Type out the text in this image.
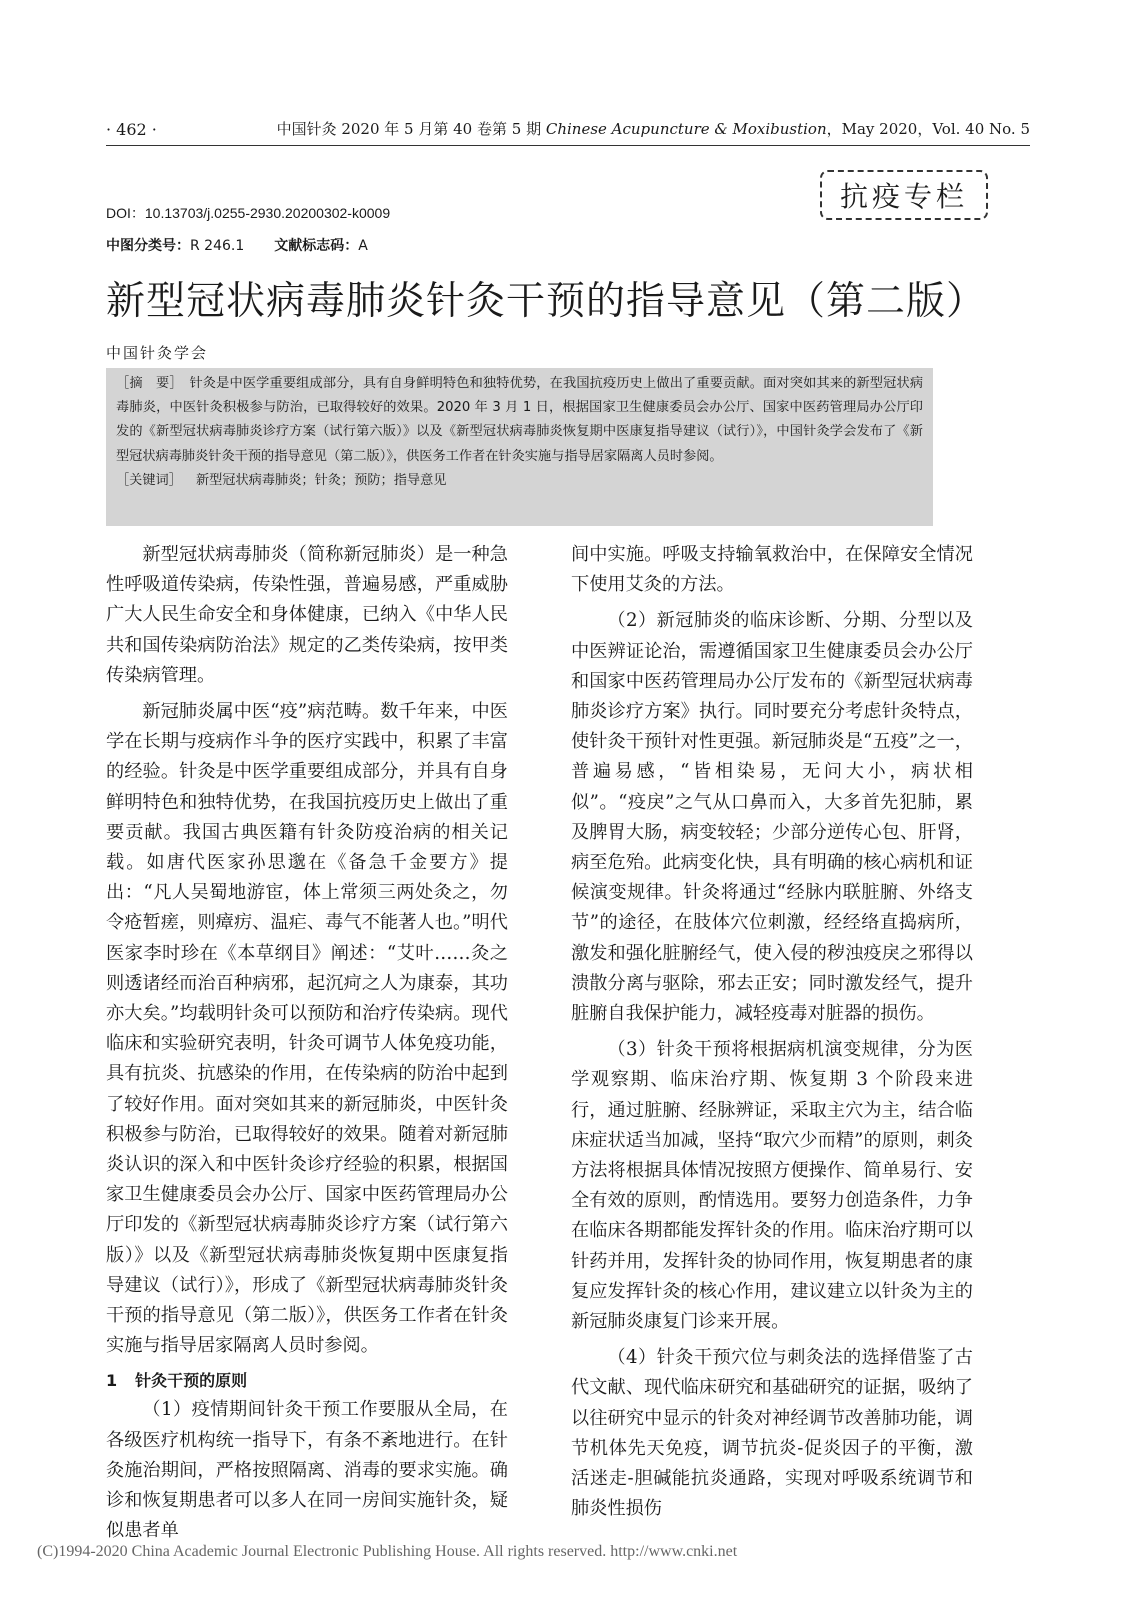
· 462 ·	中国针灸 2020 年 5 月第 40 卷第 5 期 Chinese Acupuncture & Moxibustion，May 2020，Vol. 40 No. 5
抗疫专栏
DOI：10.13703/j.0255-2930.20200302-k0009
中图分类号：R 246.1 文献标志码：A
新型冠状病毒肺炎针灸干预的指导意见（第二版）
中国针灸学会
［摘　要］　 针灸是中医学重要组成部分，具有自身鲜明特色和独特优势，在我国抗疫历史上做出了重要贡献。面对突如其来的新型冠状病毒肺炎，中医针灸积极参与防治，已取得较好的效果。2020 年 3 月 1 日，根据国家卫生健康委员会办公厅、国家中医药管理局办公厅印发的《新型冠状病毒肺炎诊疗方案（试行第六版）》以及《新型冠状病毒肺炎恢复期中医康复指导建议（试行）》，中国针灸学会发布了《新型冠状病毒肺炎针灸干预的指导意见（第二版）》，供医务工作者在针灸实施与指导居家隔离人员时参阅。
［关键词］ 新型冠状病毒肺炎；针灸；预防；指导意见

新型冠状病毒肺炎（简称新冠肺炎）是一种急性呼吸道传染病，传染性强，普遍易感，严重威胁广大人民生命安全和身体健康，已纳入《中华人民共和国传染病防治法》规定的乙类传染病，按甲类传染病管理。

新冠肺炎属中医“疫”病范畴。数千年来，中医学在长期与疫病作斗争的医疗实践中，积累了丰富的经验。针灸是中医学重要组成部分，并具有自身鲜明特色和独特优势，在我国抗疫历史上做出了重要贡献。我国古典医籍有针灸防疫治病的相关记载。如唐代医家孙思邈在《备急千金要方》提出：“凡人吴蜀地游宦，体上常须三两处灸之，勿令疮暂瘥，则瘴疠、温疟、毒气不能著人也。”明代医家李时珍在《本草纲目》阐述：“艾叶……灸之则透诸经而治百种病邪，起沉疴之人为康泰，其功亦大矣。”均载明针灸可以预防和治疗传染病。现代临床和实验研究表明，针灸可调节人体免疫功能，具有抗炎、抗感染的作用，在传染病的防治中起到了较好作用。面对突如其来的新冠肺炎，中医针灸积极参与防治，已取得较好的效果。随着对新冠肺炎认识的深入和中医针灸诊疗经验的积累，根据国家卫生健康委员会办公厅、国家中医药管理局办公厅印发的《新型冠状病毒肺炎诊疗方案（试行第六版）》以及《新型冠状病毒肺炎恢复期中医康复指导建议（试行）》，形成了《新型冠状病毒肺炎针灸干预的指导意见（第二版）》，供医务工作者在针灸实施与指导居家隔离人员时参阅。

1 针灸干预的原则

（1）疫情期间针灸干预工作要服从全局，在各级医疗机构统一指导下，有条不紊地进行。在针灸施治期间，严格按照隔离、消毒的要求实施。确诊和恢复期患者可以多人在同一房间实施针灸，疑似患者单

间中实施。呼吸支持输氧救治中，在保障安全情况下使用艾灸的方法。

（2）新冠肺炎的临床诊断、分期、分型以及中医辨证论治，需遵循国家卫生健康委员会办公厅和国家中医药管理局办公厅发布的《新型冠状病毒肺炎诊疗方案》执行。同时要充分考虑针灸特点，使针灸干预针对性更强。新冠肺炎是“五疫”之一，普遍易感，“皆相染易，无问大小，病状相似”。“疫戾”之气从口鼻而入，大多首先犯肺，累及脾胃大肠，病变较轻；少部分逆传心包、肝肾，病至危殆。此病变化快，具有明确的核心病机和证候演变规律。针灸将通过“经脉内联脏腑、外络支节”的途径，在肢体穴位刺激，经经络直捣病所，激发和强化脏腑经气，使入侵的秽浊疫戾之邪得以溃散分离与驱除，邪去正安；同时激发经气，提升脏腑自我保护能力，减轻疫毒对脏器的损伤。

（3）针灸干预将根据病机演变规律，分为医学观察期、临床治疗期、恢复期 3 个阶段来进行，通过脏腑、经脉辨证，采取主穴为主，结合临床症状适当加减，坚持“取穴少而精”的原则，刺灸方法将根据具体情况按照方便操作、简单易行、安全有效的原则，酌情选用。要努力创造条件，力争在临床各期都能发挥针灸的作用。临床治疗期可以针药并用，发挥针灸的协同作用，恢复期患者的康复应发挥针灸的核心作用，建议建立以针灸为主的新冠肺炎康复门诊来开展。

（4）针灸干预穴位与刺灸法的选择借鉴了古代文献、现代临床研究和基础研究的证据，吸纳了以往研究中显示的针灸对神经调节改善肺功能，调节机体先天免疫，调节抗炎-促炎因子的平衡，激活迷走-胆碱能抗炎通路，实现对呼吸系统调节和肺炎性损伤

(C)1994-2020 China Academic Journal Electronic Publishing House. All rights reserved. http://www.cnki.net
